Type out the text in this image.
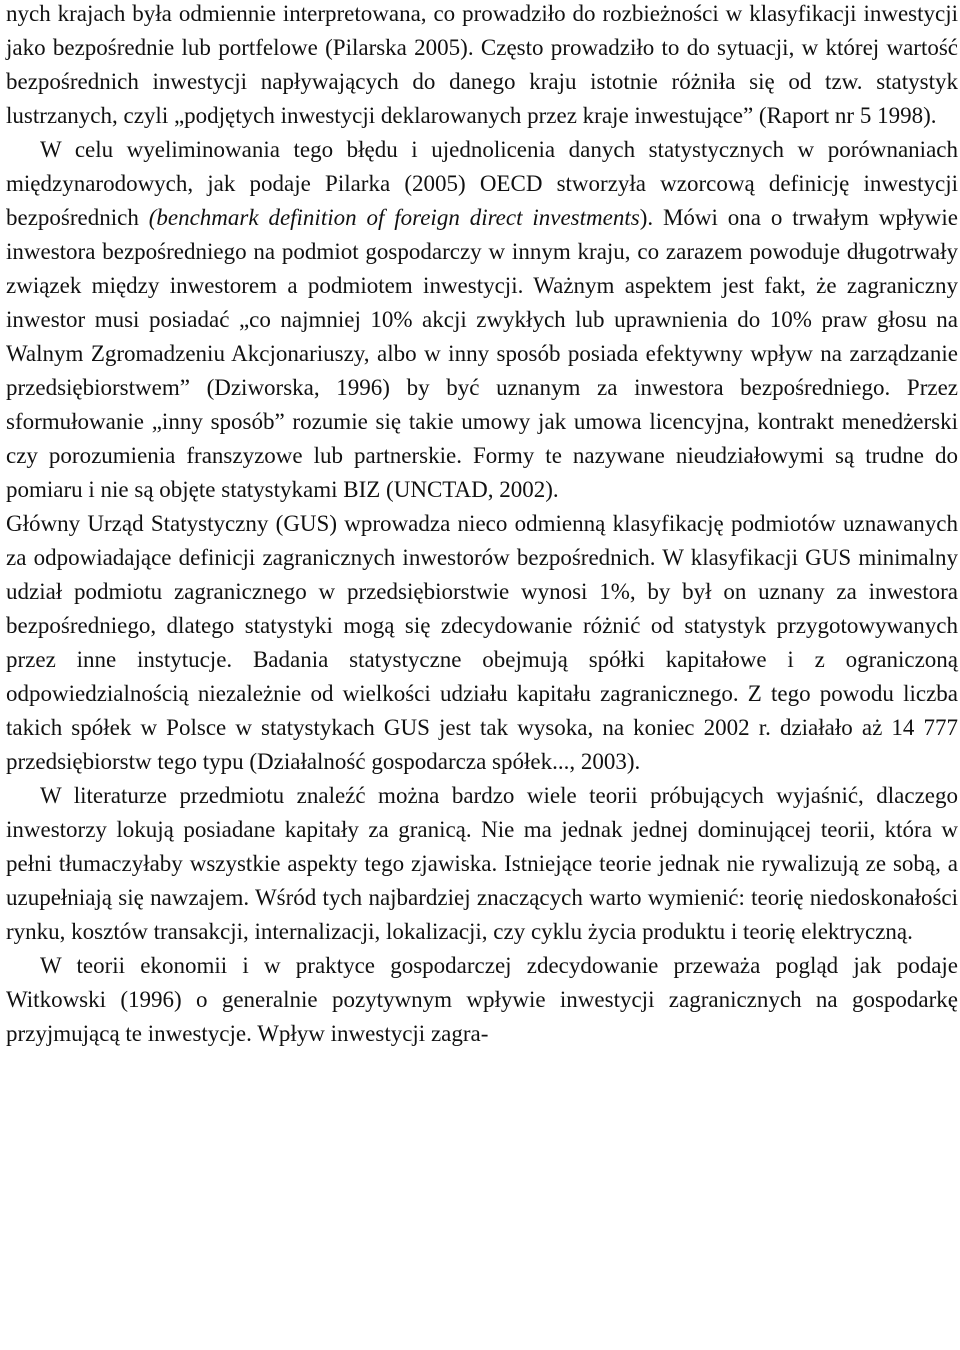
nych krajach była odmiennie interpretowana, co prowadziło do rozbieżności w klasyfikacji inwestycji jako bezpośrednie lub portfelowe (Pilarska 2005). Często prowadziło to do sytuacji, w której wartość bezpośrednich inwestycji napływających do danego kraju istotnie różniła się od tzw. statystyk lustrzanych, czyli „podjętych inwestycji deklarowanych przez kraje inwestujące” (Raport nr 5 1998).

W celu wyeliminowania tego błędu i ujednolicenia danych statystycznych w porównaniach międzynarodowych, jak podaje Pilarka (2005) OECD stworzyła wzorcową definicję inwestycji bezpośrednich (benchmark definition of foreign direct investments). Mówi ona o trwałym wpływie inwestora bezpośredniego na podmiot gospodarczy w innym kraju, co zarazem powoduje długotrwały związek między inwestorem a podmiotem inwestycji. Ważnym aspektem jest fakt, że zagraniczny inwestor musi posiadać „co najmniej 10% akcji zwykłych lub uprawnienia do 10% praw głosu na Walnym Zgromadzeniu Akcjonariuszy, albo w inny sposób posiada efektywny wpływ na zarządzanie przedsiębiorstwem” (Dziworska, 1996) by być uznanym za inwestora bezpośredniego. Przez sformułowanie „inny sposób” rozumie się takie umowy jak umowa licencyjna, kontrakt menedżerski czy porozumienia franszyzowe lub partnerskie. Formy te nazywane nieudziałowymi są trudne do pomiaru i nie są objęte statystykami BIZ (UNCTAD, 2002).

Główny Urząd Statystyczny (GUS) wprowadza nieco odmienną klasyfikację podmiotów uznawanych za odpowiadające definicji zagranicznych inwestorów bezpośrednich. W klasyfikacji GUS minimalny udział podmiotu zagranicznego w przedsiębiorstwie wynosi 1%, by był on uznany za inwestora bezpośredniego, dlatego statystyki mogą się zdecydowanie różnić od statystyk przygotowywanych przez inne instytucje. Badania statystyczne obejmują spółki kapitałowe i z ograniczoną odpowiedzialnością niezależnie od wielkości udziału kapitału zagranicznego. Z tego powodu liczba takich spółek w Polsce w statystykach GUS jest tak wysoka, na koniec 2002 r. działało aż 14 777 przedsiębiorstw tego typu (Działalność gospodarcza spółek..., 2003).

W literaturze przedmiotu znaleźć można bardzo wiele teorii próbujących wyjaśnić, dlaczego inwestorzy lokują posiadane kapitały za granicą. Nie ma jednak jednej dominującej teorii, która w pełni tłumaczyłaby wszystkie aspekty tego zjawiska. Istniejące teorie jednak nie rywalizują ze sobą, a uzupełniają się nawzajem. Wśród tych najbardziej znaczących warto wymienić: teorię niedoskonałości rynku, kosztów transakcji, internalizacji, lokalizacji, czy cyklu życia produktu i teorię elektryczną.

W teorii ekonomii i w praktyce gospodarczej zdecydowanie przeważa pogląd jak podaje Witkowski (1996) o generalnie pozytywnym wpływie inwestycji zagranicznych na gospodarkę przyjmującą te inwestycje. Wpływ inwestycji zagra-
